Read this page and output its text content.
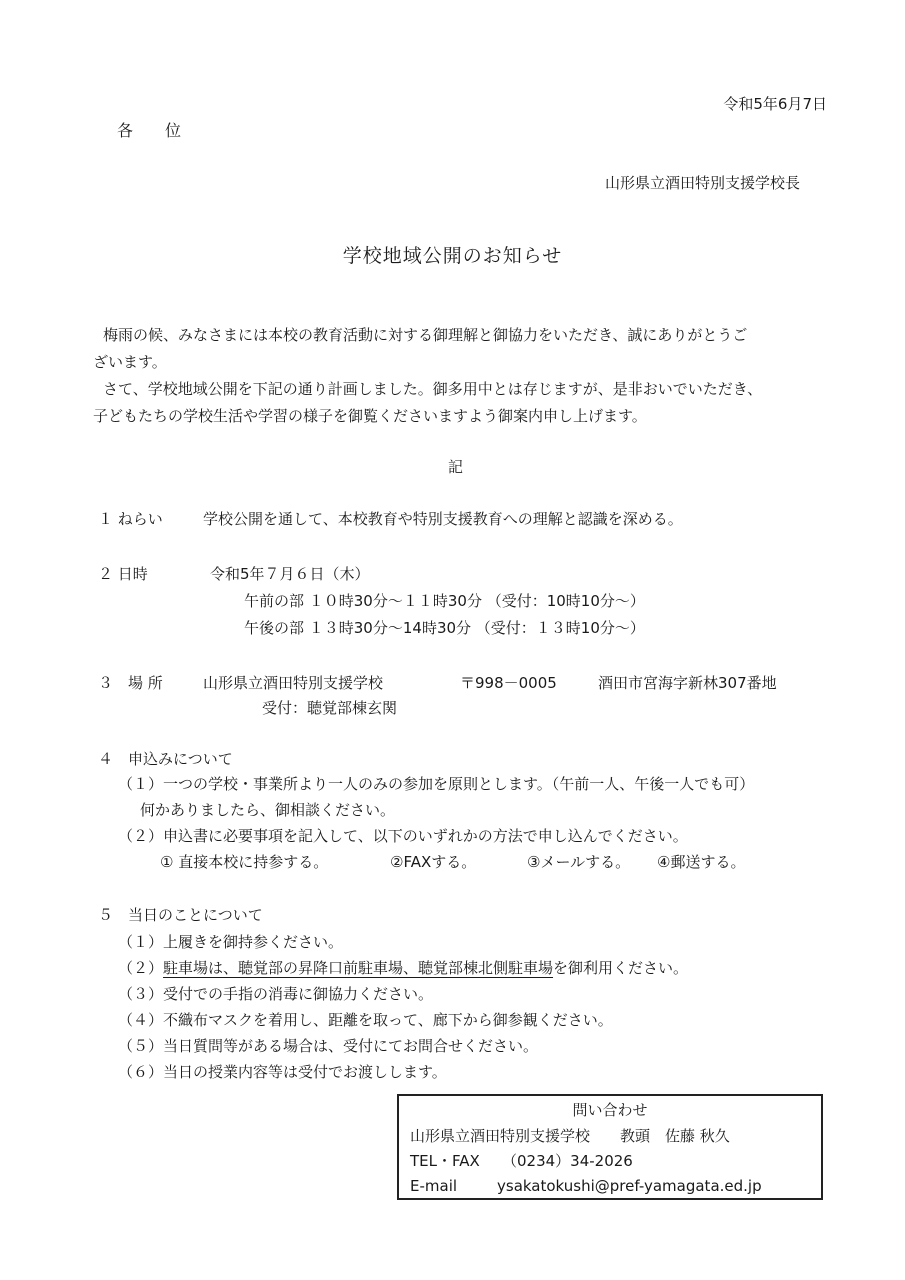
令和5年6月7日
各　　位
山形県立酒田特別支援学校長
学校地域公開のお知らせ
梅雨の候、みなさまには本校の教育活動に対する御理解と御協力をいただき、誠にありがとうご
ざいます。
さて、学校地域公開を下記の通り計画しました。御多用中とは存じますが、是非おいでいただき、
子どもたちの学校生活や学習の様子を御覧くださいますよう御案内申し上げます。
記
１ ねらい	学校公開を通して、本校教育や特別支援教育への理解と認識を深める。
２ 日時	令和5年７月６日（木）
午前の部 １０時30分～１１時30分 （受付：10時10分～）
午後の部 １３時30分～14時30分 （受付：１３時10分～）
３　場 所	山形県立酒田特別支援学校	〒998－0005	酒田市宮海字新林307番地
受付：聴覚部棟玄関
４　申込みについて
（１）一つの学校・事業所より一人のみの参加を原則とします。（午前一人、午後一人でも可）
何かありましたら、御相談ください。
（２）申込書に必要事項を記入して、以下のいずれかの方法で申し込んでください。
① 直接本校に持参する。	②FAXする。	③メールする。 ④郵送する。
５　当日のことについて
（１）上履きを御持参ください。
（２）駐車場は、聴覚部の昇降口前駐車場、聴覚部棟北側駐車場を御利用ください。
（３）受付での手指の消毒に御協力ください。
（４）不織布マスクを着用し、距離を取って、廊下から御参観ください。
（５）当日質問等がある場合は、受付にてお問合せください。
（６）当日の授業内容等は受付でお渡しします。
問い合わせ
山形県立酒田特別支援学校　　教頭　佐藤 秋久
TEL・FAX （0234）34-2026
E-mail	ysakatokushi@pref-yamagata.ed.jp
